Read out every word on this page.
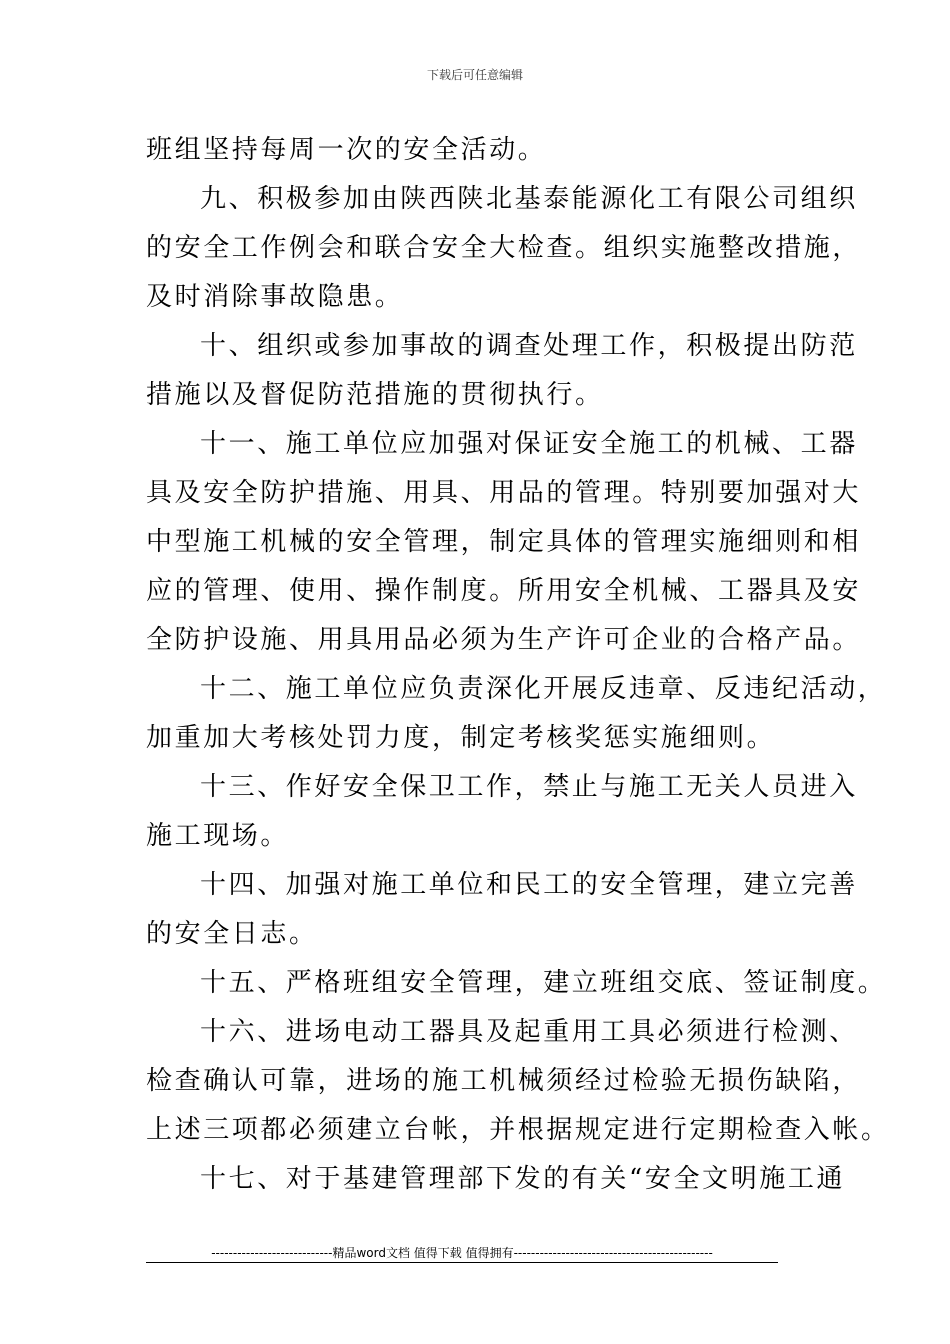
下载后可任意编辑
班组坚持每周一次的安全活动。
九、积极参加由陕西陕北基泰能源化工有限公司组织
的安全工作例会和联合安全大检查。组织实施整改措施，
及时消除事故隐患。
十、组织或参加事故的调查处理工作，积极提出防范
措施以及督促防范措施的贯彻执行。
十一、施工单位应加强对保证安全施工的机械、工器
具及安全防护措施、用具、用品的管理。特别要加强对大
中型施工机械的安全管理，制定具体的管理实施细则和相
应的管理、使用、操作制度。所用安全机械、工器具及安
全防护设施、用具用品必须为生产许可企业的合格产品。
十二、施工单位应负责深化开展反违章、反违纪活动，
加重加大考核处罚力度，制定考核奖惩实施细则。
十三、作好安全保卫工作，禁止与施工无关人员进入
施工现场。
十四、加强对施工单位和民工的安全管理，建立完善
的安全日志。
十五、严格班组安全管理，建立班组交底、签证制度。
十六、进场电动工器具及起重用工具必须进行检测、
检查确认可靠，进场的施工机械须经过检验无损伤缺陷，
上述三项都必须建立台帐，并根据规定进行定期检查入帐。
十七、对于基建管理部下发的有关“安全文明施工通
----------------------------精品word文档 值得下载 值得拥有----------------------------------------------
